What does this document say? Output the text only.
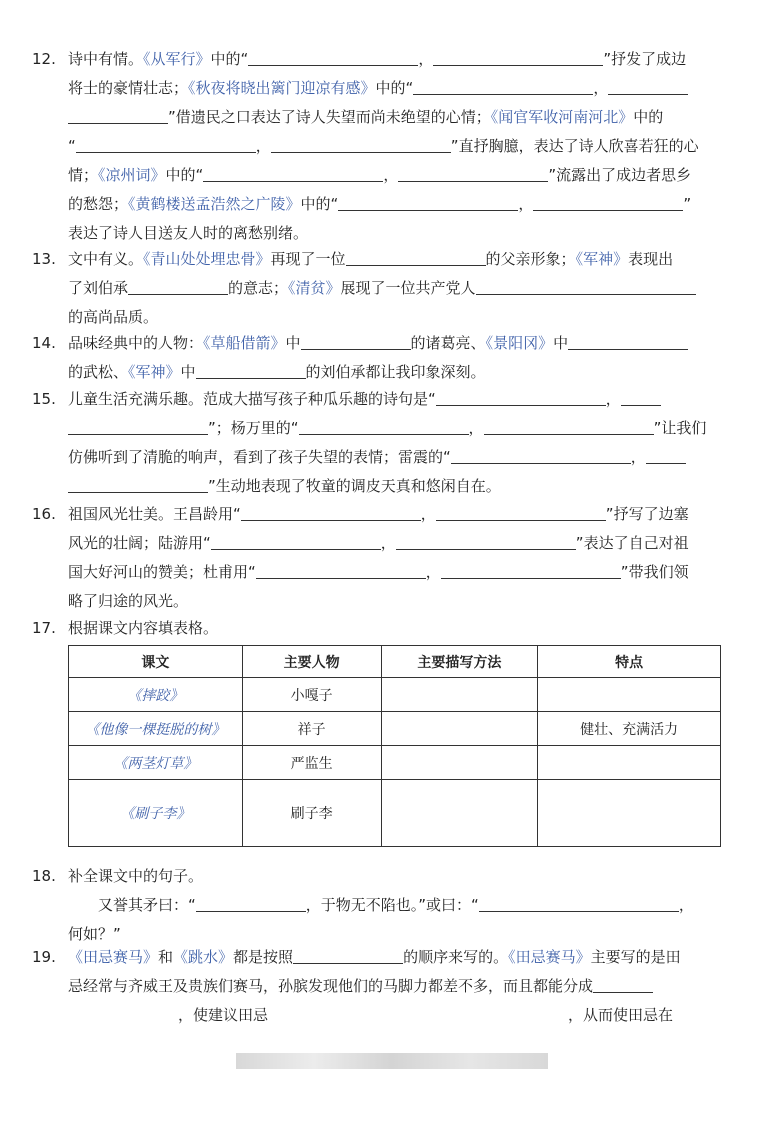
12. 诗中有情。《从军行》中的“	，	”抒发了成边
将士的豪情壮志；《秋夜将晓出篱门迎凉有感》中的“	，
”借遗民之口表达了诗人失望而尚未绝望的心情；《闻官军收河南河北》中的
“	，	”直抒胸臆，表达了诗人欣喜若狂的心
情；《凉州词》中的“	，	”流露出了成边者思乡
的愁怨；《黄鹤楼送孟浩然之广陵》中的“	，	”
表达了诗人目送友人时的离愁别绪。
13. 文中有义。《青山处处埋忠骨》再现了一位	的父亲形象；《军神》表现出
了刘伯承	的意志；《清贫》展现了一位共产党人
的高尚品质。
14. 品味经典中的人物：《草船借箭》中	的诸葛亮、《景阳冈》中
的武松、《军神》中	的刘伯承都让我印象深刻。
15. 儿童生活充满乐趣。范成大描写孩子种瓜乐趣的诗句是“	，
”；杨万里的“	，	”让我们
仿佛听到了清脆的响声，看到了孩子失望的表情；雷震的“	，
”生动地表现了牧童的调皮天真和悠闲自在。
16. 祖国风光壮美。王昌龄用“	，	”抒写了边塞
风光的壮阔；陆游用“	，	”表达了自己对祖
国大好河山的赞美；杜甫用“	，	”带我们领
略了归途的风光。
17. 根据课文内容填表格。
课文	主要人物	主要描写方法	特点
《摔跤》	小嘎子		
《他像一棵挺脱的树》	祥子		健壮、充满活力
《两茎灯草》	严监生		
《刷子李》	刷子李		
18. 补全课文中的句子。
又誉其矛曰：“	，于物无不陷也。”或曰：“	，
何如？”
19. 《田忌赛马》和《跳水》都是按照	的顺序来写的。《田忌赛马》主要写的是田
忌经常与齐威王及贵族们赛马，孙膑发现他们的马脚力都差不多，而且都能分成
，使建议田忌	，从而使田忌在
